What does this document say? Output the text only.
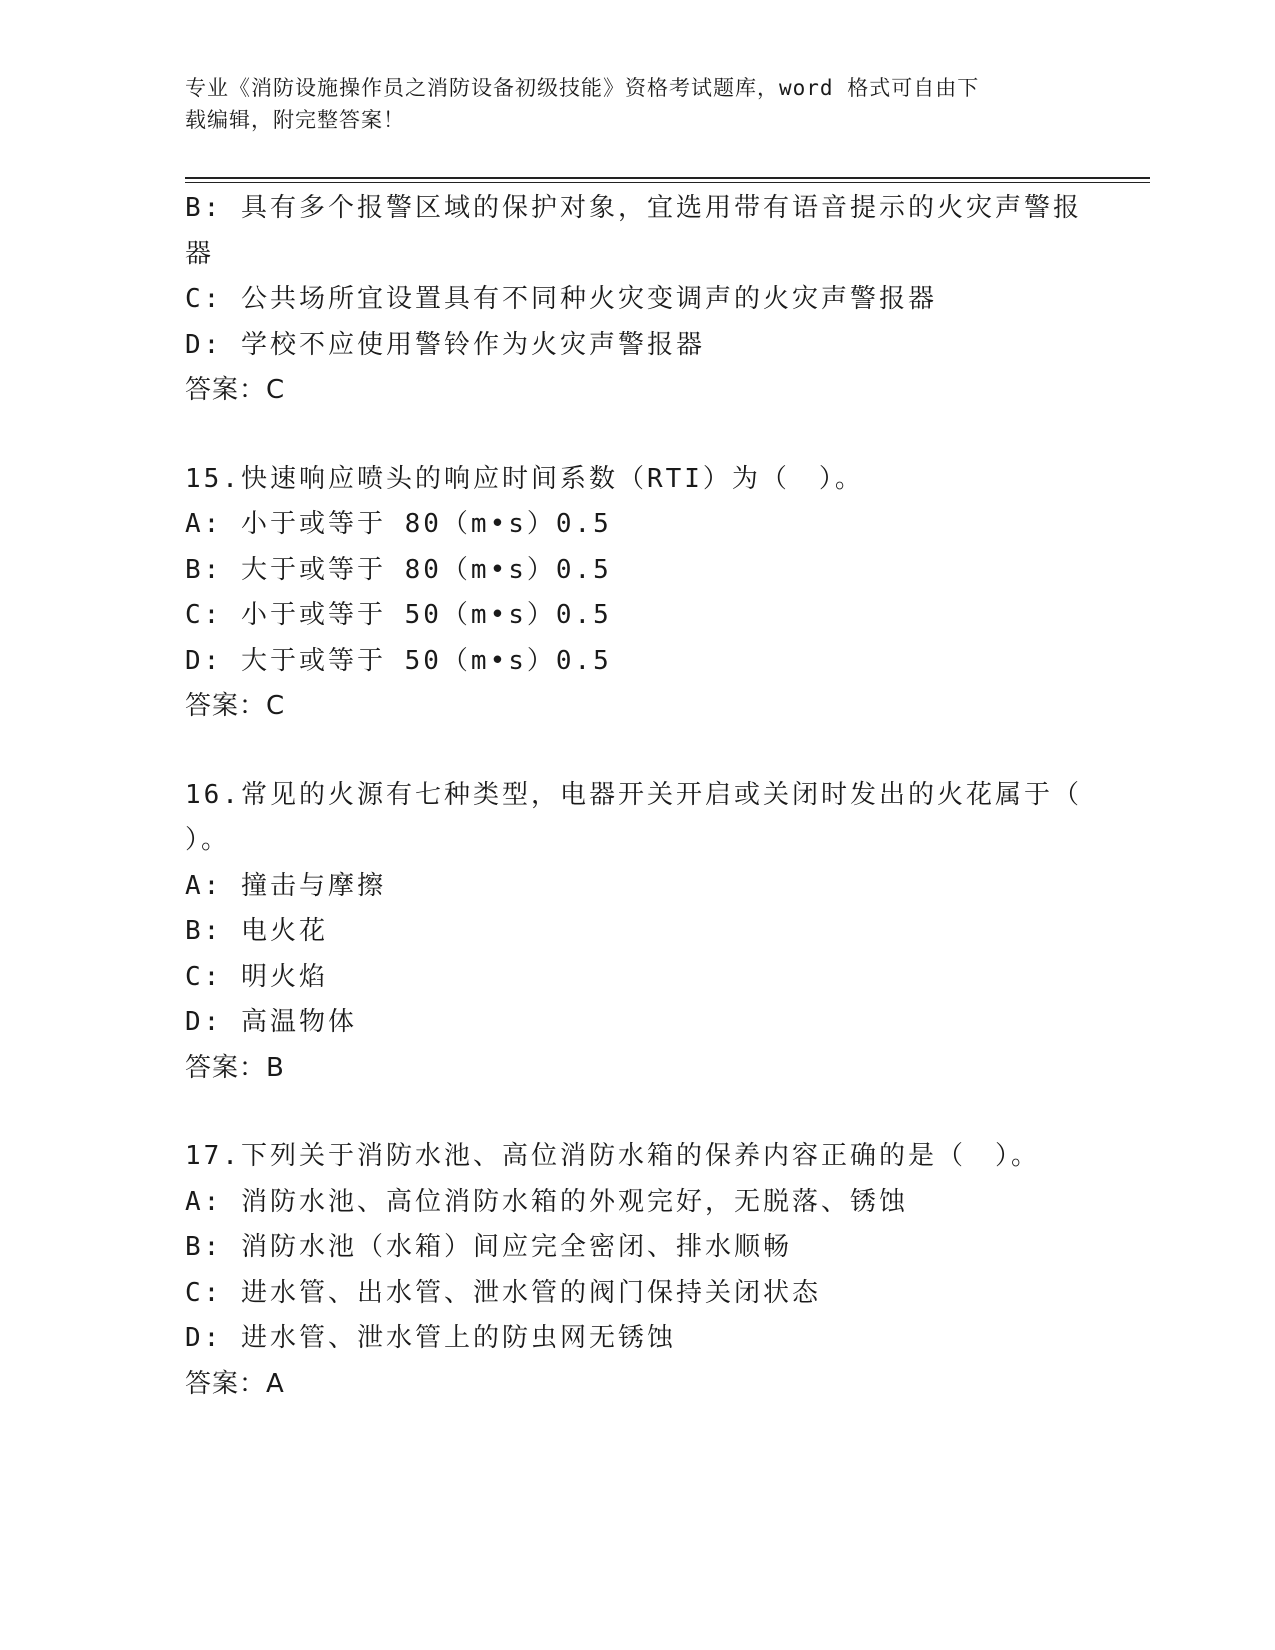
专业《消防设施操作员之消防设备初级技能》资格考试题库，word 格式可自由下
载编辑，附完整答案！
B: 具有多个报警区域的保护对象，宜选用带有语音提示的火灾声警报
器
C: 公共场所宜设置具有不同种火灾变调声的火灾声警报器
D: 学校不应使用警铃作为火灾声警报器
答案：C
15.快速响应喷头的响应时间系数（RTI）为（　）。
A: 小于或等于 80（m•s）0.5
B: 大于或等于 80（m•s）0.5
C: 小于或等于 50（m•s）0.5
D: 大于或等于 50（m•s）0.5
答案：C
16.常见的火源有七种类型，电器开关开启或关闭时发出的火花属于（
）。
A: 撞击与摩擦
B: 电火花
C: 明火焰
D: 高温物体
答案：B
17.下列关于消防水池、高位消防水箱的保养内容正确的是（　）。
A: 消防水池、高位消防水箱的外观完好，无脱落、锈蚀
B: 消防水池（水箱）间应完全密闭、排水顺畅
C: 进水管、出水管、泄水管的阀门保持关闭状态
D: 进水管、泄水管上的防虫网无锈蚀
答案：A
